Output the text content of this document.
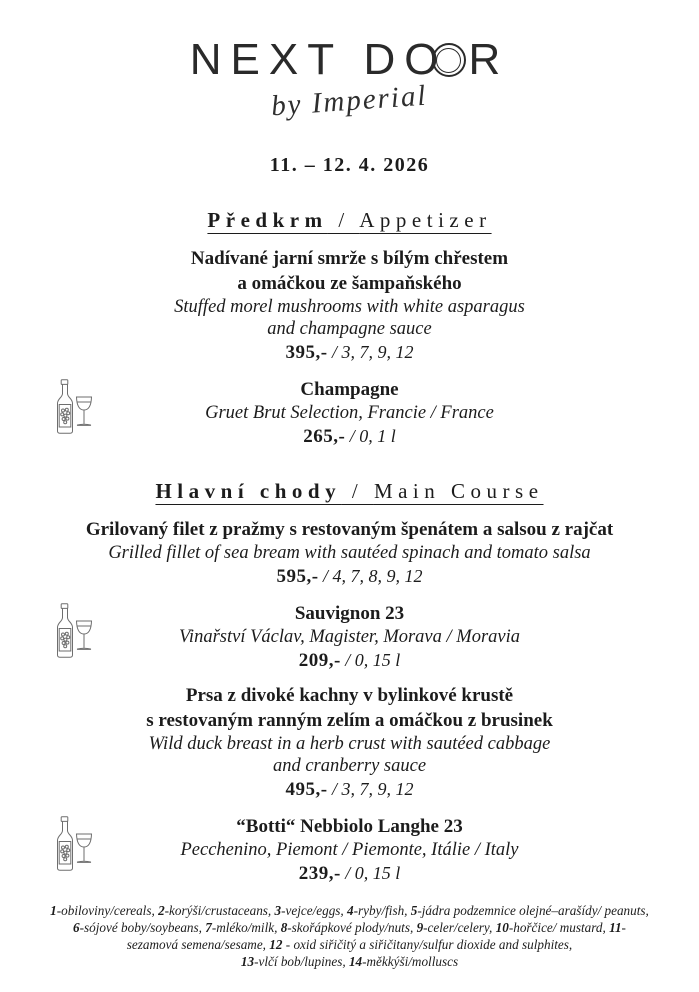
NEXT DO R
by Imperial
11. – 12. 4. 2026
Předkrm / Appetizer
Nadívané jarní smrže s bílým chřestem
a omáčkou ze šampaňského
Stuffed morel mushrooms with white asparagus
and champagne sauce
395,- / 3, 7, 9, 12
Champagne
Gruet Brut Selection, Francie / France
265,- / 0, 1 l
Hlavní chody / Main Course
Grilovaný filet z pražmy s restovaným špenátem a salsou z rajčat
Grilled fillet of sea bream with sautéed spinach and tomato salsa
595,- / 4, 7, 8, 9, 12
Sauvignon 23
Vinařství Václav, Magister, Morava / Moravia
209,- / 0, 15 l
Prsa z divoké kachny v bylinkové krustě
s restovaným ranným zelím a omáčkou z brusinek
Wild duck breast in a herb crust with sautéed cabbage
and cranberry sauce
495,- / 3, 7, 9, 12
“Botti“ Nebbiolo Langhe 23
Pecchenino, Piemont / Piemonte, Itálie / Italy
239,- / 0, 15 l
1-obiloviny/cereals, 2-korýši/crustaceans, 3-vejce/eggs, 4-ryby/fish, 5-jádra podzemnice olejné–arašídy/ peanuts,
6-sójové boby/soybeans, 7-mléko/milk, 8-skořápkové plody/nuts, 9-celer/celery, 10-hořčice/ mustard, 11-
sezamová semena/sesame, 12 - oxid siřičitý a siřičitany/sulfur dioxide and sulphites,
13-vlčí bob/lupines, 14-měkkýši/molluscs
